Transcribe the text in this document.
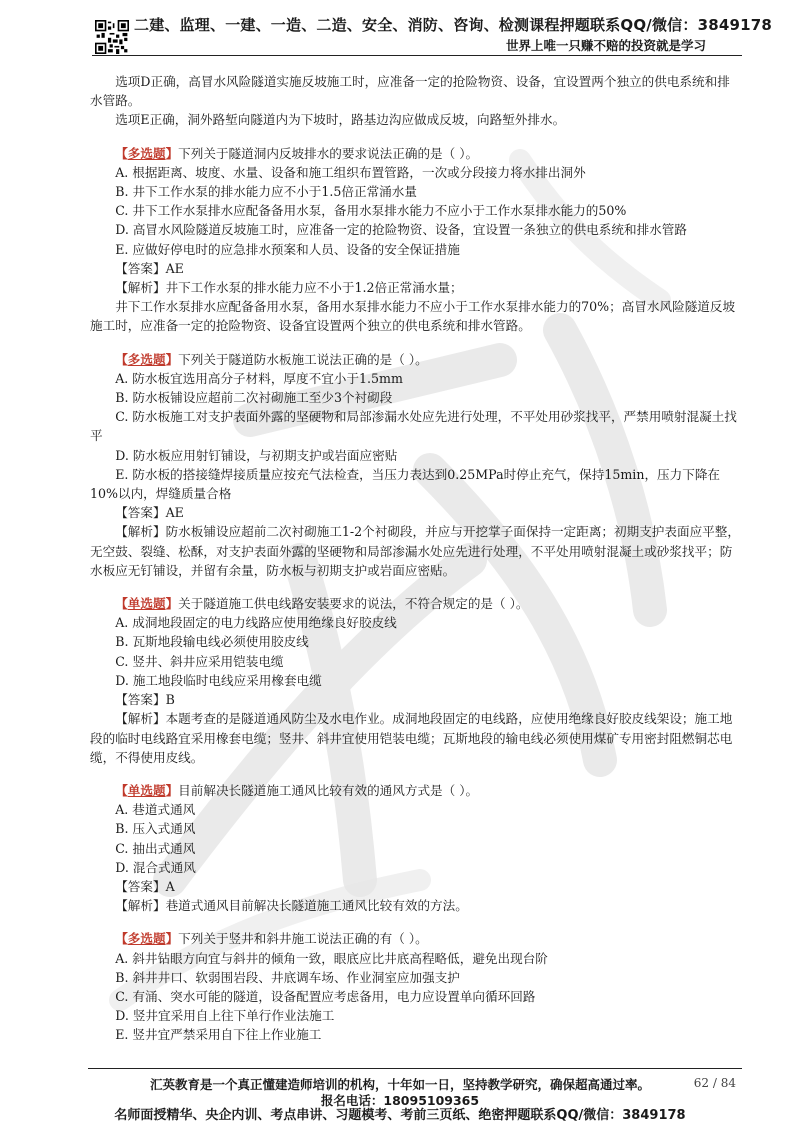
二建、监理、一建、一造、二造、安全、消防、咨询、检测课程押题联系QQ/微信：3849178
世界上唯一只赚不赔的投资就是学习

选项D正确，高冒水风险隧道实施反坡施工时，应准备一定的抢险物资、设备，宜设置两个独立的供电系统和排水管路。

选项E正确，洞外路堑向隧道内为下坡时，路基边沟应做成反坡，向路堑外排水。

【多选题】下列关于隧道洞内反坡排水的要求说法正确的是（ ）。

A. 根据距离、坡度、水量、设备和施工组织布置管路，一次或分段接力将水排出洞外

B. 井下工作水泵的排水能力应不小于1.5倍正常涌水量

C. 井下工作水泵排水应配备备用水泵，备用水泵排水能力不应小于工作水泵排水能力的50%

D. 高冒水风险隧道反坡施工时，应准备一定的抢险物资、设备，宜设置一条独立的供电系统和排水管路

E. 应做好停电时的应急排水预案和人员、设备的安全保证措施

【答案】AE

【解析】井下工作水泵的排水能力应不小于1.2倍正常涌水量；

井下工作水泵排水应配备备用水泵，备用水泵排水能力不应小于工作水泵排水能力的70%；高冒水风险隧道反坡施工时，应准备一定的抢险物资、设备宜设置两个独立的供电系统和排水管路。

【多选题】下列关于隧道防水板施工说法正确的是（ ）。

A. 防水板宜选用高分子材料，厚度不宜小于1.5mm

B. 防水板铺设应超前二次衬砌施工至少3个衬砌段

C. 防水板施工对支护表面外露的坚硬物和局部渗漏水处应先进行处理，不平处用砂浆找平，严禁用喷射混凝土找平

D. 防水板应用射钉铺设，与初期支护或岩面应密贴

E. 防水板的搭接缝焊接质量应按充气法检查，当压力表达到0.25MPa时停止充气，保持15min，压力下降在10%以内，焊缝质量合格

【答案】AE

【解析】防水板铺设应超前二次衬砌施工1-2个衬砌段，并应与开挖掌子面保持一定距离；初期支护表面应平整，无空鼓、裂缝、松酥，对支护表面外露的坚硬物和局部渗漏水处应先进行处理，不平处用喷射混凝土或砂浆找平；防水板应无钉铺设，并留有余量，防水板与初期支护或岩面应密贴。

【单选题】关于隧道施工供电线路安装要求的说法，不符合规定的是（ ）。

A. 成洞地段固定的电力线路应使用绝缘良好胶皮线

B. 瓦斯地段输电线必须使用胶皮线

C. 竖井、斜井应采用铠装电缆

D. 施工地段临时电线应采用橡套电缆

【答案】B

【解析】本题考查的是隧道通风防尘及水电作业。成洞地段固定的电线路，应使用绝缘良好胶皮线架设；施工地段的临时电线路宜采用橡套电缆；竖井、斜井宜使用铠装电缆；瓦斯地段的输电线必须使用煤矿专用密封阻燃铜芯电缆，不得使用皮线。

【单选题】目前解决长隧道施工通风比较有效的通风方式是（ ）。

A. 巷道式通风

B. 压入式通风

C. 抽出式通风

D. 混合式通风

【答案】A

【解析】巷道式通风目前解决长隧道施工通风比较有效的方法。

【多选题】下列关于竖井和斜井施工说法正确的有（ ）。

A. 斜井钻眼方向宜与斜井的倾角一致，眼底应比井底高程略低，避免出现台阶

B. 斜井井口、软弱围岩段、井底调车场、作业洞室应加强支护

C. 有涌、突水可能的隧道，设备配置应考虑备用，电力应设置单向循环回路

D. 竖井宜采用自上往下单行作业法施工

E. 竖井宜严禁采用自下往上作业施工

汇英教育是一个真正懂建造师培训的机构，十年如一日，坚持教学研究，确保超高通过率。
报名电话：18095109365
名师面授精华、央企内训、考点串讲、习题模考、考前三页纸、绝密押题联系QQ/微信：3849178
62 / 84
